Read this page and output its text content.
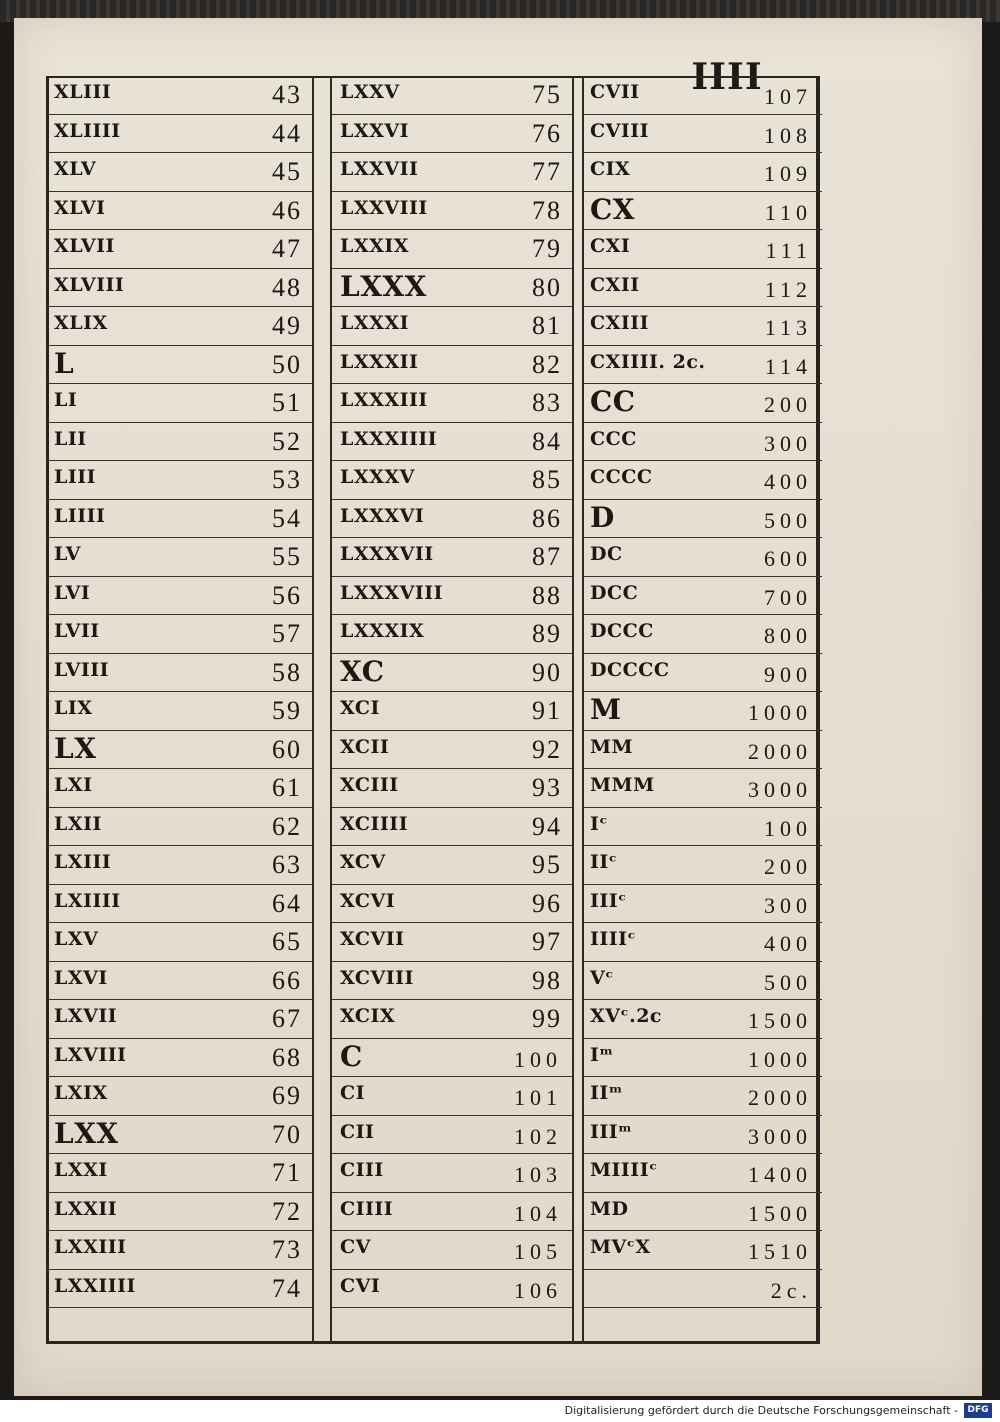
IIII
XLIII	43
XLIIII	44
XLV	45
XLVI	46
XLVII	47
XLVIII	48
XLIX	49
L	50
LI	51
LII	52
LIII	53
LIIII	54
LV	55
LVI	56
LVII	57
LVIII	58
LIX	59
LX	60
LXI	61
LXII	62
LXIII	63
LXIIII	64
LXV	65
LXVI	66
LXVII	67
LXVIII	68
LXIX	69
LXX	70
LXXI	71
LXXII	72
LXXIII	73
LXXIIII	74
LXXV	75
LXXVI	76
LXXVII	77
LXXVIII	78
LXXIX	79
LXXX	80
LXXXI	81
LXXXII	82
LXXXIII	83
LXXXIIII	84
LXXXV	85
LXXXVI	86
LXXXVII	87
LXXXVIII	88
LXXXIX	89
XC	90
XCI	91
XCII	92
XCIII	93
XCIIII	94
XCV	95
XCVI	96
XCVII	97
XCVIII	98
XCIX	99
C	100
CI	101
CII	102
CIII	103
CIIII	104
CV	105
CVI	106
CVII	107
CVIII	108
CIX	109
CX	110
CXI	111
CXII	112
CXIII	113
CXIIII. 2c.	114
CC	200
CCC	300
CCCC	400
D	500
DC	600
DCC	700
DCCC	800
DCCCC	900
M	1000
MM	2000
MMM	3000
Iᶜ	100
IIᶜ	200
IIIᶜ	300
IIIIᶜ	400
Vᶜ	500
XVᶜ.2c	1500
Iᵐ	1000
IIᵐ	2000
IIIᵐ	3000
MIIIIᶜ	1400
MD	1500
MVᶜX	1510
2c.
Digitalisierung gefördert durch die Deutsche Forschungsgemeinschaft -	DFG
